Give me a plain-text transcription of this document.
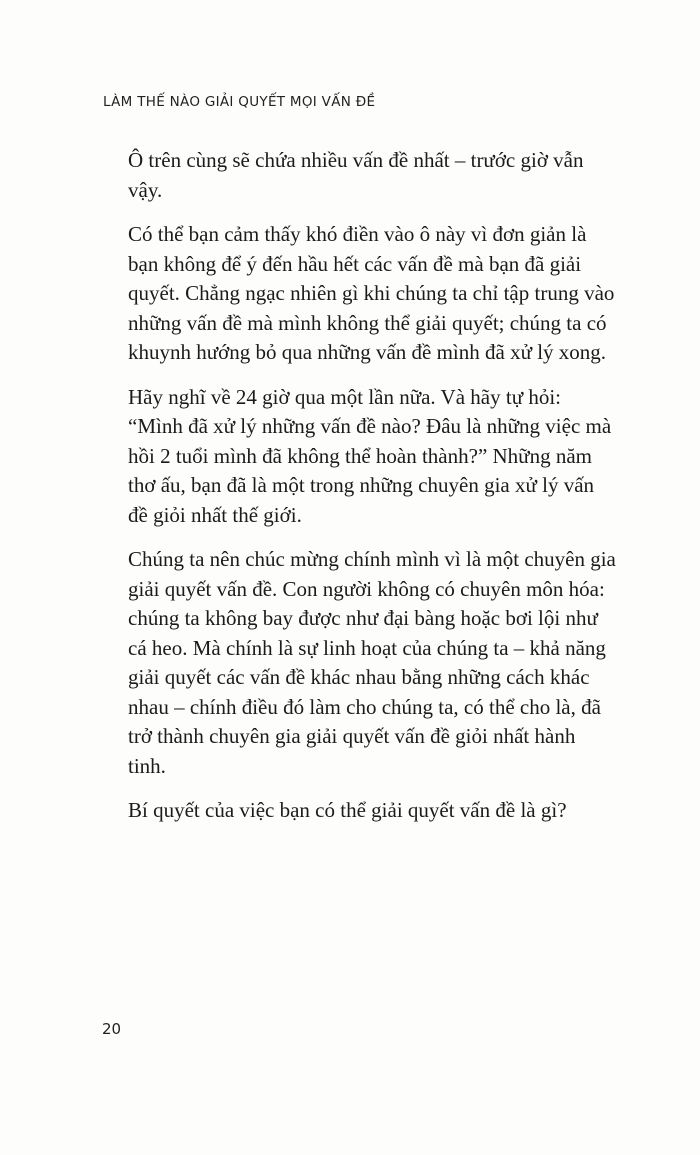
LÀM THẾ NÀO GIẢI QUYẾT MỌI VẤN ĐỀ

Ô trên cùng sẽ chứa nhiều vấn đề nhất – trước giờ vẫn vậy.

Có thể bạn cảm thấy khó điền vào ô này vì đơn giản là bạn không để ý đến hầu hết các vấn đề mà bạn đã giải quyết. Chẳng ngạc nhiên gì khi chúng ta chỉ tập trung vào những vấn đề mà mình không thể giải quyết; chúng ta có khuynh hướng bỏ qua những vấn đề mình đã xử lý xong.

Hãy nghĩ về 24 giờ qua một lần nữa. Và hãy tự hỏi: “Mình đã xử lý những vấn đề nào? Đâu là những việc mà hồi 2 tuổi mình đã không thể hoàn thành?” Những năm thơ ấu, bạn đã là một trong những chuyên gia xử lý vấn đề giỏi nhất thế giới.

Chúng ta nên chúc mừng chính mình vì là một chuyên gia giải quyết vấn đề. Con người không có chuyên môn hóa: chúng ta không bay được như đại bàng hoặc bơi lội như cá heo. Mà chính là sự linh hoạt của chúng ta – khả năng giải quyết các vấn đề khác nhau bằng những cách khác nhau – chính điều đó làm cho chúng ta, có thể cho là, đã trở thành chuyên gia giải quyết vấn đề giỏi nhất hành tinh.

Bí quyết của việc bạn có thể giải quyết vấn đề là gì?

20
